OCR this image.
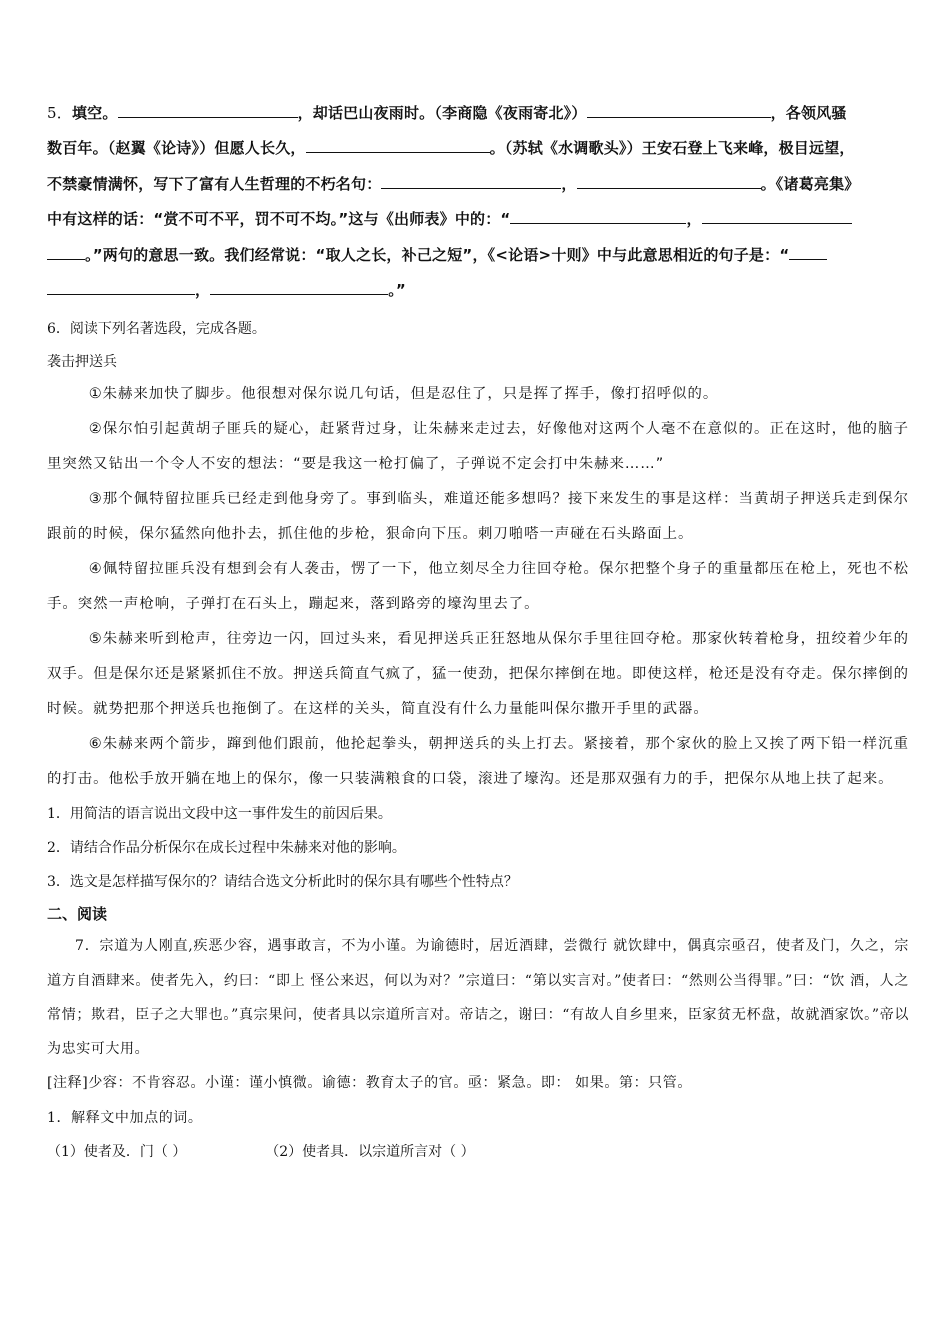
5．填空。	，却话巴山夜雨时。（李商隐《夜雨寄北》）	，各领风骚

数百年。（赵翼《论诗》）但愿人长久，	。（苏轼《水调歌头》）王安石登上飞来峰，极目远望，

不禁豪情满怀，写下了富有人生哲理的不朽名句：	，	。《诸葛亮集》

中有这样的话：“赏不可不平，罚不可不均。”这与《出师表》中的：“	，

。”两句的意思一致。我们经常说：“取人之长，补己之短”，《<论语>十则》中与此意思相近的句子是：“

，	。”

6．阅读下列名著选段，完成各题。

袭击押送兵

①朱赫来加快了脚步。他很想对保尔说几句话，但是忍住了，只是挥了挥手，像打招呼似的。

②保尔怕引起黄胡子匪兵的疑心，赶紧背过身，让朱赫来走过去，好像他对这两个人毫不在意似的。正在这时，他的脑子里突然又钻出一个令人不安的想法：“要是我这一枪打偏了，子弹说不定会打中朱赫来……”

③那个佩特留拉匪兵已经走到他身旁了。事到临头，难道还能多想吗？接下来发生的事是这样：当黄胡子押送兵走到保尔跟前的时候，保尔猛然向他扑去，抓住他的步枪，狠命向下压。刺刀啪嗒一声碰在石头路面上。

④佩特留拉匪兵没有想到会有人袭击，愣了一下，他立刻尽全力往回夺枪。保尔把整个身子的重量都压在枪上，死也不松手。突然一声枪响，子弹打在石头上，蹦起来，落到路旁的壕沟里去了。

⑤朱赫来听到枪声，往旁边一闪，回过头来，看见押送兵正狂怒地从保尔手里往回夺枪。那家伙转着枪身，扭绞着少年的双手。但是保尔还是紧紧抓住不放。押送兵简直气疯了，猛一使劲，把保尔摔倒在地。即使这样，枪还是没有夺走。保尔摔倒的时候。就势把那个押送兵也拖倒了。在这样的关头，简直没有什么力量能叫保尔撒开手里的武器。

⑥朱赫来两个箭步，蹿到他们跟前，他抡起拳头，朝押送兵的头上打去。紧接着，那个家伙的脸上又挨了两下铅一样沉重的打击。他松手放开躺在地上的保尔，像一只装满粮食的口袋，滚进了壕沟。还是那双强有力的手，把保尔从地上扶了起来。

1．用简洁的语言说出文段中这一事件发生的前因后果。

2．请结合作品分析保尔在成长过程中朱赫来对他的影响。

3．选文是怎样描写保尔的？请结合选文分析此时的保尔具有哪些个性特点？

二、阅读

7．宗道为人刚直,疾恶少容，遇事敢言，不为小谨。为谕德时，居近酒肆，尝微行 就饮肆中，偶真宗亟召，使者及门，久之，宗道方自酒肆来。使者先入，约曰：“即上 怪公来迟，何以为对？”宗道曰：“第以实言对。”使者曰：“然则公当得罪。”曰：“饮 酒，人之常情；欺君，臣子之大罪也。”真宗果问，使者具以宗道所言对。帝诘之，谢曰：“有故人自乡里来，臣家贫无杯盘，故就酒家饮。”帝以为忠实可大用。

[注释]少容：不肯容忍。小谨：谨小慎微。谕德：教育太子的官。亟：紧急。即： 如果。第：只管。

1．解释文中加点的词。

（1）使者及．门（ ）	（2）使者具．以宗道所言对（ ）
